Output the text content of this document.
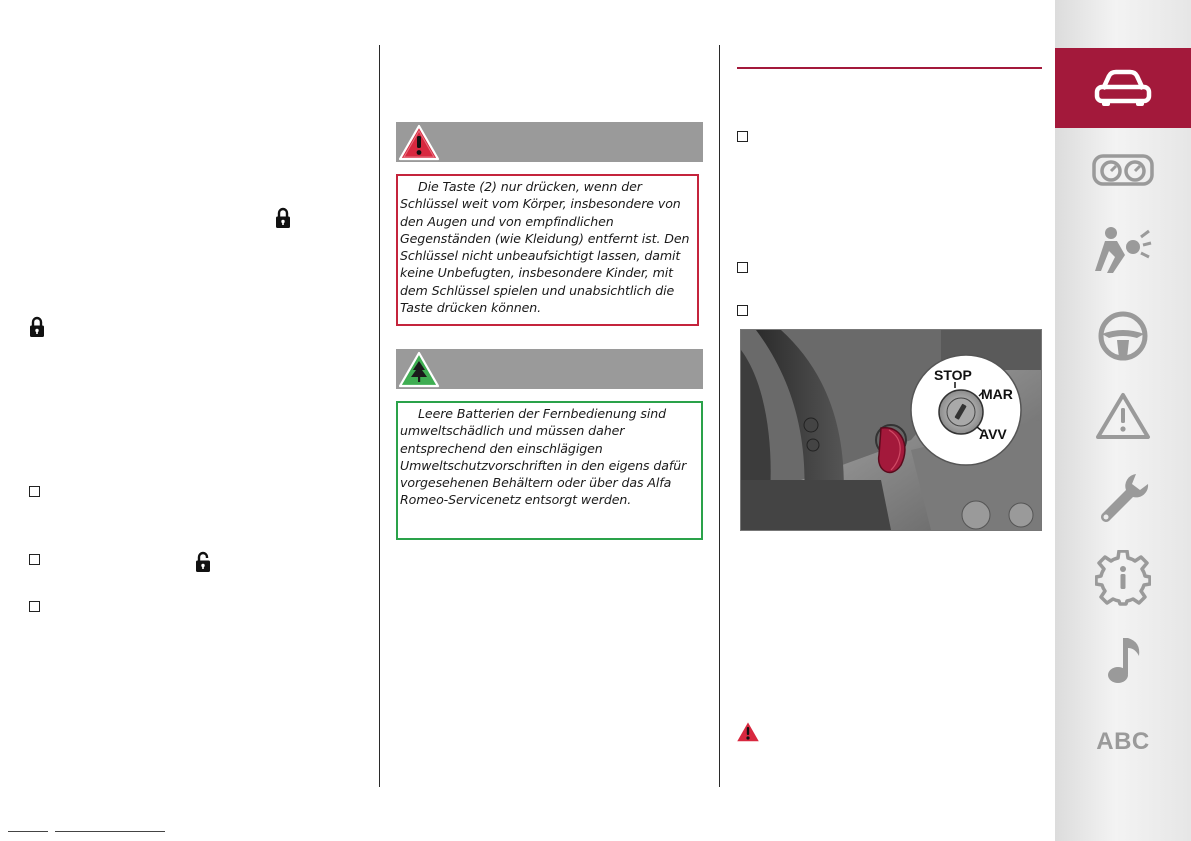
Die Taste (2) nur drücken, wenn der Schlüssel weit vom Körper, insbesondere von den Augen und von empfindlichen Gegenständen (wie Kleidung) entfernt ist. Den Schlüssel nicht unbeaufsichtigt lassen, damit keine Unbefugten, insbesondere Kinder, mit dem Schlüssel spielen und unabsichtlich die Taste drücken können.
Leere Batterien der Fernbedienung sind umweltschädlich und müssen daher entsprechend den einschlägigen Umweltschutzvorschriften in den eigens dafür vorgesehenen Behältern oder über das Alfa Romeo-Servicenetz entsorgt werden.
STOP
MAR
AVV
ABC
